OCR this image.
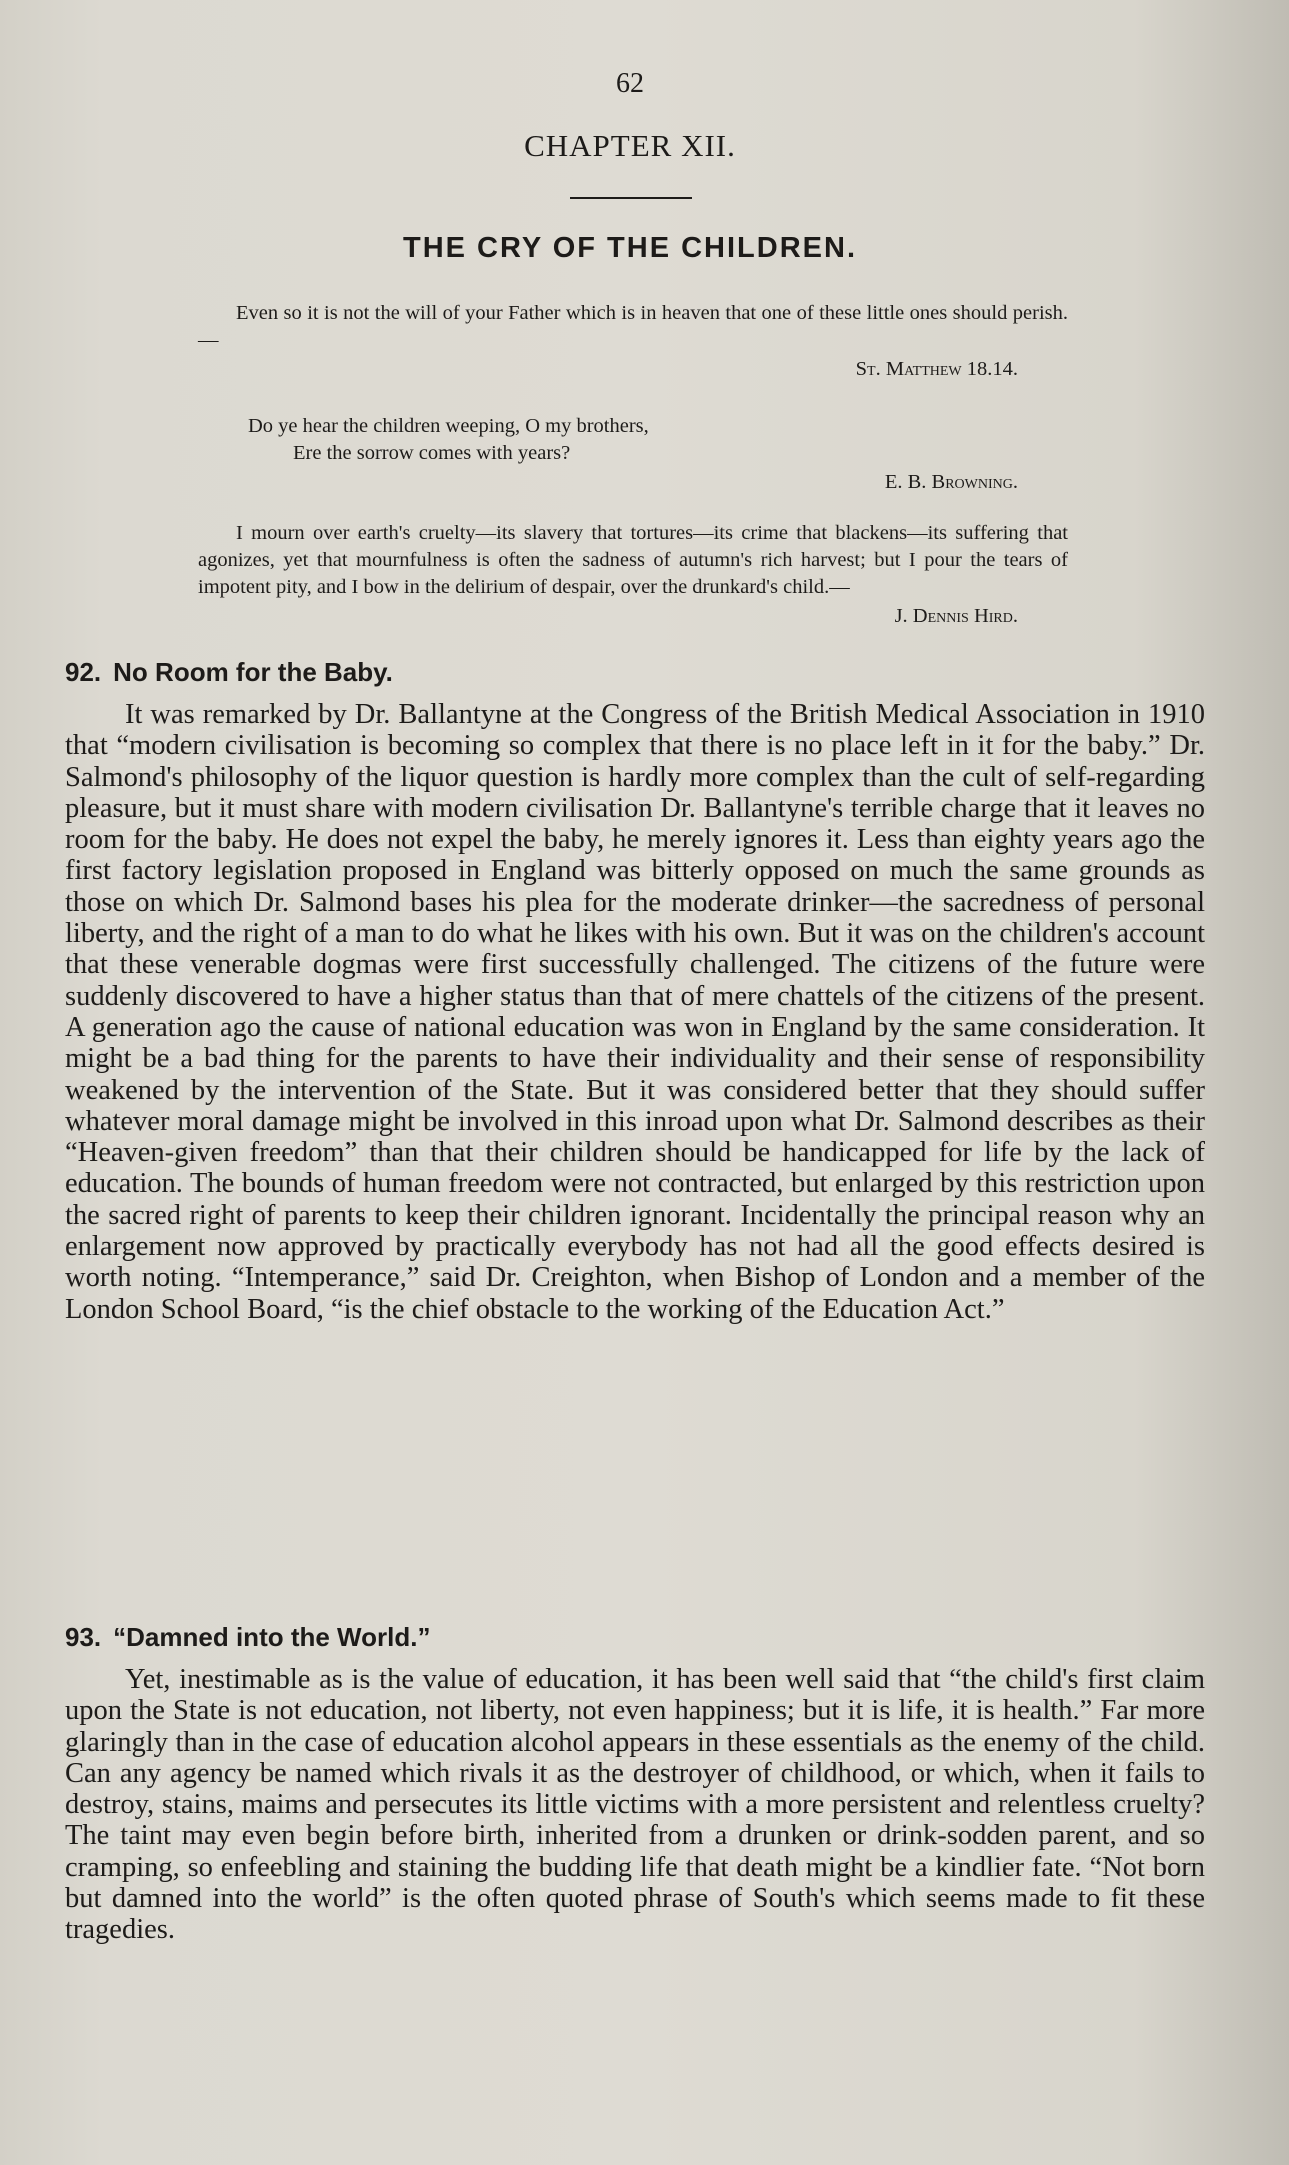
62
CHAPTER XII.
THE CRY OF THE CHILDREN.
Even so it is not the will of your Father which is in heaven that one of these little ones should perish.—
St. Matthew 18.14.
Do ye hear the children weeping, O my brothers,
Ere the sorrow comes with years?
E. B. Browning.
I mourn over earth's cruelty—its slavery that tortures—its crime that blackens—its suffering that agonizes, yet that mournfulness is often the sadness of autumn's rich harvest; but I pour the tears of impotent pity, and I bow in the delirium of despair, over the drunkard's child.—
J. Dennis Hird.
92. No Room for the Baby.

It was remarked by Dr. Ballantyne at the Congress of the British Medical Association in 1910 that “modern civilisation is becoming so complex that there is no place left in it for the baby.” Dr. Salmond's philosophy of the liquor question is hardly more complex than the cult of self-regarding pleasure, but it must share with modern civilisation Dr. Ballantyne's terrible charge that it leaves no room for the baby. He does not expel the baby, he merely ignores it. Less than eighty years ago the first factory legislation proposed in England was bitterly opposed on much the same grounds as those on which Dr. Salmond bases his plea for the moderate drinker—the sacredness of personal liberty, and the right of a man to do what he likes with his own. But it was on the children's account that these venerable dogmas were first successfully challenged. The citizens of the future were suddenly discovered to have a higher status than that of mere chattels of the citizens of the present. A generation ago the cause of national education was won in England by the same consideration. It might be a bad thing for the parents to have their individuality and their sense of responsibility weakened by the intervention of the State. But it was considered better that they should suffer whatever moral damage might be involved in this inroad upon what Dr. Salmond describes as their “Heaven-given freedom” than that their children should be handicapped for life by the lack of education. The bounds of human freedom were not contracted, but enlarged by this restriction upon the sacred right of parents to keep their children ignorant. Incidentally the principal reason why an enlargement now approved by practically everybody has not had all the good effects desired is worth noting. “Intemperance,” said Dr. Creighton, when Bishop of London and a member of the London School Board, “is the chief obstacle to the working of the Education Act.”

93. “Damned into the World.”

Yet, inestimable as is the value of education, it has been well said that “the child's first claim upon the State is not education, not liberty, not even happiness; but it is life, it is health.” Far more glaringly than in the case of education alcohol appears in these essentials as the enemy of the child. Can any agency be named which rivals it as the destroyer of childhood, or which, when it fails to destroy, stains, maims and persecutes its little victims with a more persistent and relentless cruelty? The taint may even begin before birth, inherited from a drunken or drink-sodden parent, and so cramping, so enfeebling and staining the budding life that death might be a kindlier fate. “Not born but damned into the world” is the often quoted phrase of South's which seems made to fit these tragedies.
